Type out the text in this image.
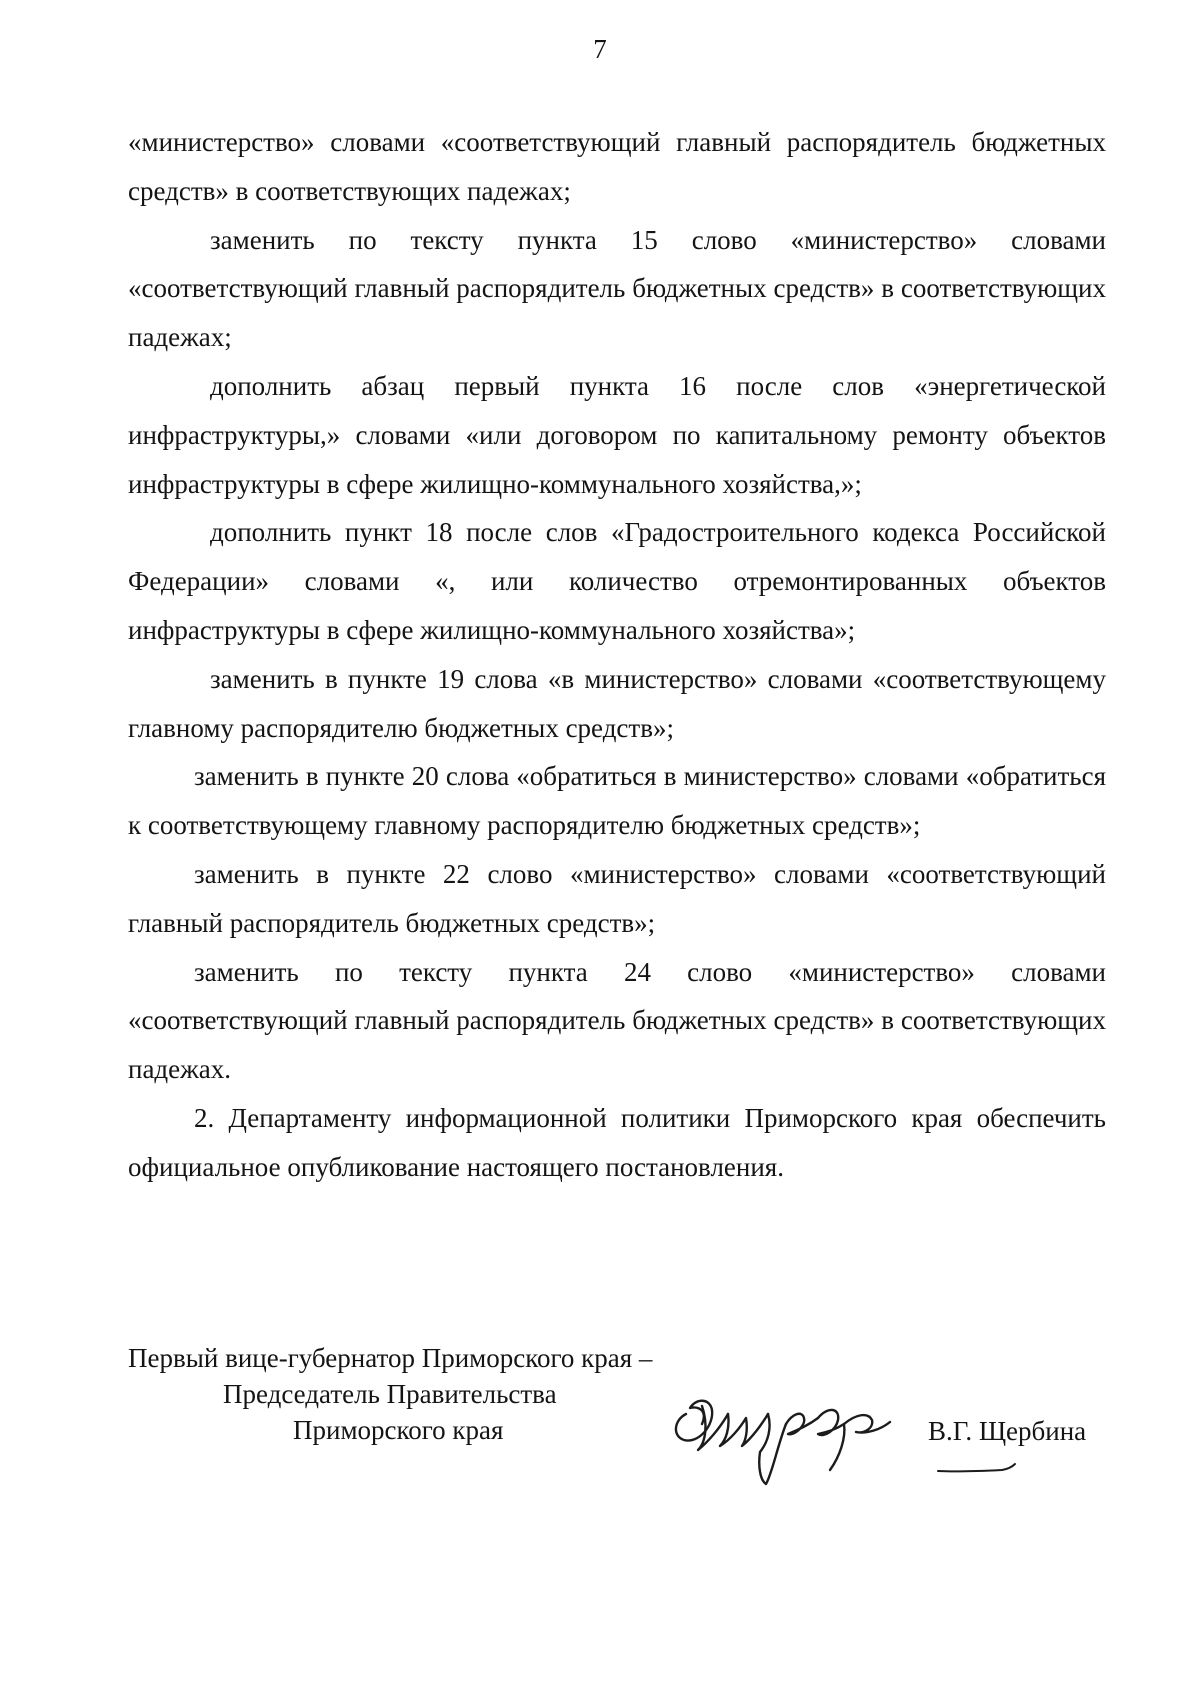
7

«министерство» словами «соответствующий главный распорядитель бюджетных средств» в соответствующих падежах;

заменить по тексту пункта 15 слово «министерство» словами «соответствующий главный распорядитель бюджетных средств» в соответствующих падежах;

дополнить абзац первый пункта 16 после слов «энергетической инфраструктуры,» словами «или договором по капитальному ремонту объектов инфраструктуры в сфере жилищно-коммунального хозяйства,»;

дополнить пункт 18 после слов «Градостроительного кодекса Российской Федерации» словами «, или количество отремонтированных объектов инфраструктуры в сфере жилищно-коммунального хозяйства»;

заменить в пункте 19 слова «в министерство» словами «соответствующему главному распорядителю бюджетных средств»;

заменить в пункте 20 слова «обратиться в министерство» словами «обратиться к соответствующему главному распорядителю бюджетных средств»;

заменить в пункте 22 слово «министерство» словами «соответствующий главный распорядитель бюджетных средств»;

заменить по тексту пункта 24 слово «министерство» словами «соответствующий главный распорядитель бюджетных средств» в соответствующих падежах.

2. Департаменту информационной политики Приморского края обеспечить официальное опубликование настоящего постановления.

Первый вице-губернатор Приморского края –
Председатель Правительства
Приморского края	В.Г. Щербина
